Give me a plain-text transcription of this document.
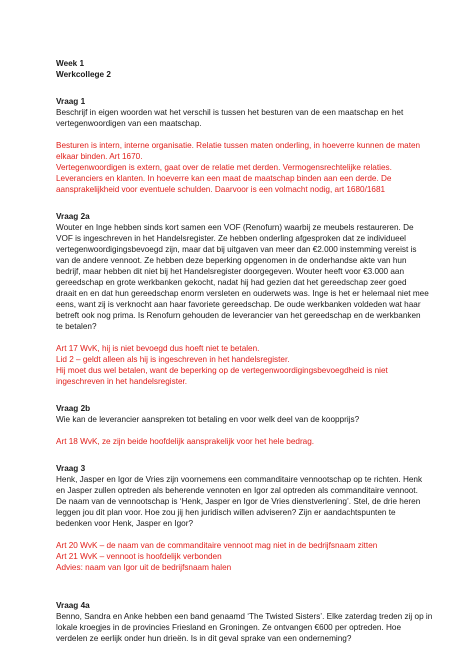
Week 1
Werkcollege 2
Vraag 1
Beschrijf in eigen woorden wat het verschil is tussen het besturen van de een maatschap en het
vertegenwoordigen van een maatschap.
Besturen is intern, interne organisatie. Relatie tussen maten onderling, in hoeverre kunnen de maten
elkaar binden. Art 1670.
Vertegenwoordigen is extern, gaat over de relatie met derden. Vermogensrechtelijke relaties.
Leveranciers en klanten. In hoeverre kan een maat de maatschap binden aan een derde. De
aansprakelijkheid voor eventuele schulden. Daarvoor is een volmacht nodig, art 1680/1681
Vraag 2a
Wouter en Inge hebben sinds kort samen een VOF (Renofurn) waarbij ze meubels restaureren. De
VOF is ingeschreven in het Handelsregister. Ze hebben onderling afgesproken dat ze individueel
vertegenwoordigingsbevoegd zijn, maar dat bij uitgaven van meer dan €2.000 instemming vereist is
van de andere vennoot. Ze hebben deze beperking opgenomen in de onderhandse akte van hun
bedrijf, maar hebben dit niet bij het Handelsregister doorgegeven. Wouter heeft voor €3.000 aan
gereedschap en grote werkbanken gekocht, nadat hij had gezien dat het gereedschap zeer goed
draait en en dat hun gereedschap enorm versleten en ouderwets was. Inge is het er helemaal niet mee
eens, want zij is verknocht aan haar favoriete gereedschap. De oude werkbanken voldeden wat haar
betreft ook nog prima. Is Renofurn gehouden de leverancier van het gereedschap en de werkbanken
te betalen?
Art 17 WvK, hij is niet bevoegd dus hoeft niet te betalen.
Lid 2 – geldt alleen als hij is ingeschreven in het handelsregister.
Hij moet dus wel betalen, want de beperking op de vertegenwoordigingsbevoegdheid is niet
ingeschreven in het handelsregister.
Vraag 2b
Wie kan de leverancier aanspreken tot betaling en voor welk deel van de koopprijs?
Art 18 WvK, ze zijn beide hoofdelijk aansprakelijk voor het hele bedrag.
Vraag 3
Henk, Jasper en Igor de Vries zijn voornemens een commanditaire vennootschap op te richten. Henk
en Jasper zullen optreden als beherende vennoten en Igor zal optreden als commanditaire vennoot.
De naam van de vennootschap is ‘Henk, Jasper en Igor de Vries dienstverlening’. Stel, de drie heren
leggen jou dit plan voor. Hoe zou jij hen juridisch willen adviseren? Zijn er aandachtspunten te
bedenken voor Henk, Jasper en Igor?
Art 20 WvK – de naam van de commanditaire vennoot mag niet in de bedrijfsnaam zitten
Art 21 WvK – vennoot is hoofdelijk verbonden
Advies: naam van Igor uit de bedrijfsnaam halen
Vraag 4a
Benno, Sandra en Anke hebben een band genaamd ‘The Twisted Sisters’. Elke zaterdag treden zij op in
lokale kroegjes in de provincies Friesland en Groningen. Ze ontvangen €600 per optreden. Hoe
verdelen ze eerlijk onder hun drieën. Is in dit geval sprake van een onderneming?
